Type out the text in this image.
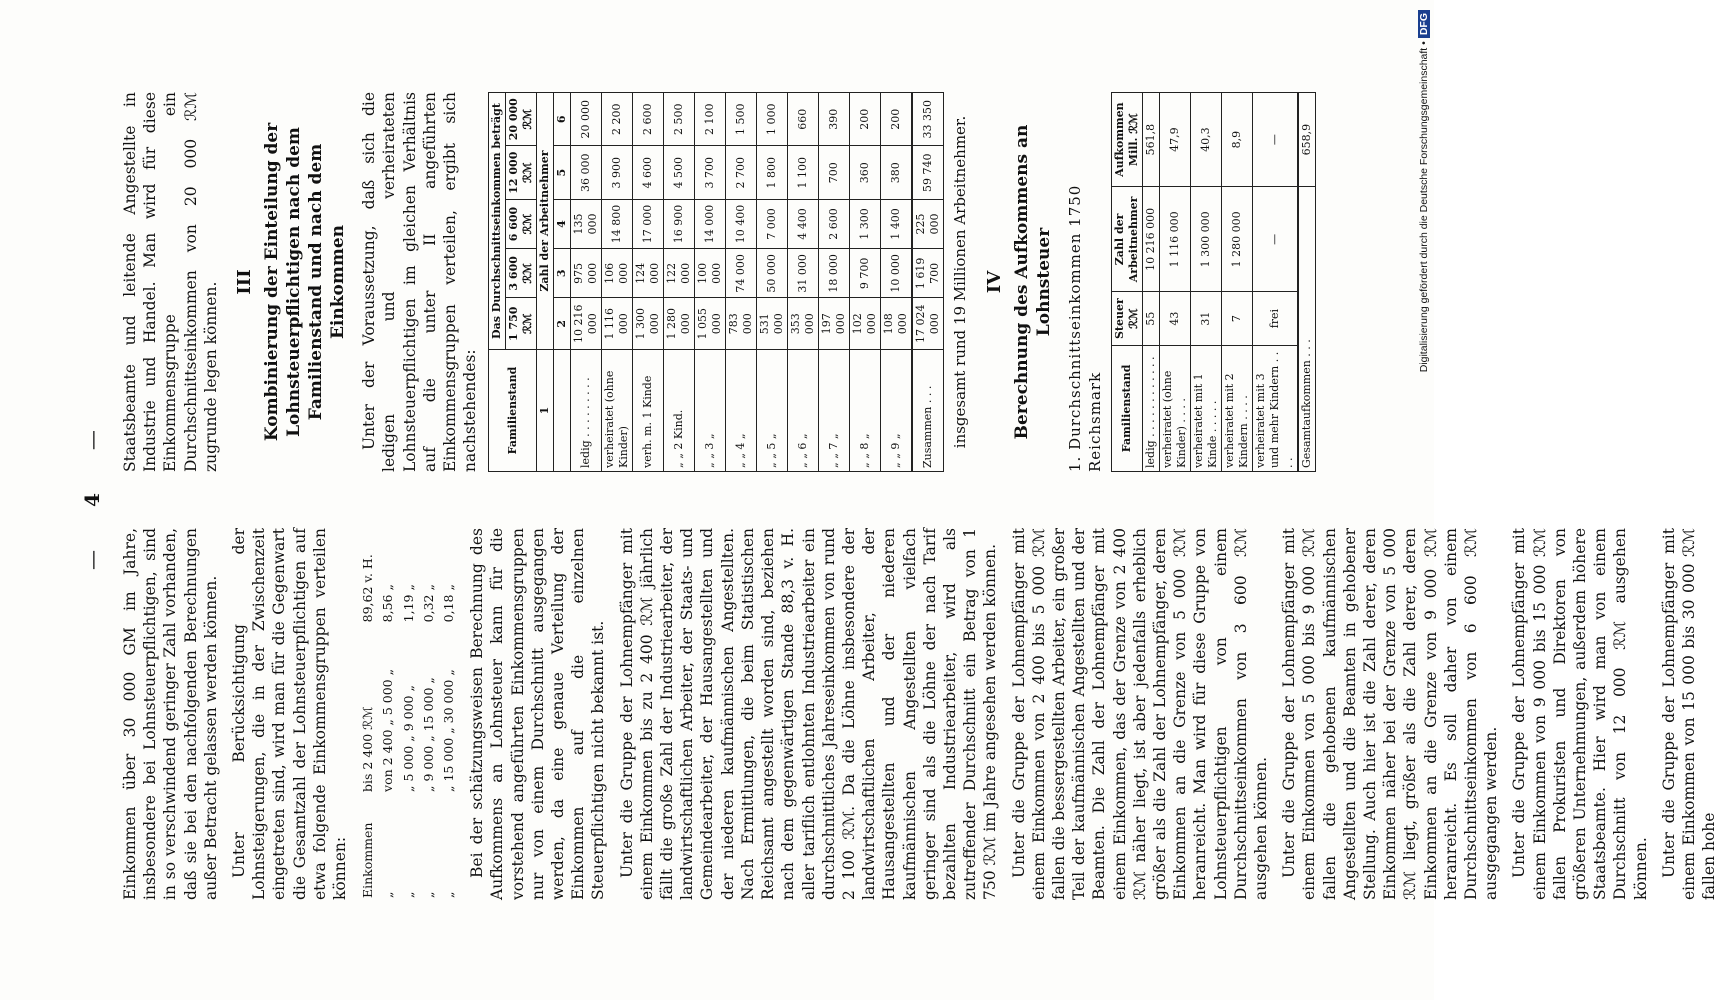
— 4 —

Einkommen über 30 000 GM im Jahre, insbesondere bei Lohnsteuerpflichtigen, sind in so verschwindend geringer Zahl vorhanden, daß sie bei den nachfolgenden Berechnungen außer Betracht gelassen werden können. Unter Berücksichtigung der Lohnsteigerungen, die in der Zwischenzeit eingetreten sind, wird man für die Gegenwart die Gesamtzahl der Lohnsteuerpflichtigen auf etwa folgende Einkommensgruppen verteilen können: Einkommen	bis 2 400 ℛℳ	89,62 v. H.
„	von 2 400 „ 5 000 „	8,56 „
„	„ 5 000 „ 9 000 „	1,19 „
„	„ 9 000 „ 15 000 „	0,32 „
„	„ 15 000 „ 30 000 „	0,18 „ Bei der schätzungsweisen Berechnung des Aufkommens an Lohnsteuer kann für die vorstehend angeführten Einkommensgruppen nur von einem Durchschnitt ausgegangen werden, da eine genaue Verteilung der Einkommen auf die einzelnen Steuerpflichtigen nicht bekannt ist. Unter die Gruppe der Lohnempfänger mit einem Einkommen bis zu 2 400 ℛℳ jährlich fällt die große Zahl der Industriearbeiter, der landwirtschaftlichen Arbeiter, der Staats- und Gemeindearbeiter, der Hausangestellten und der niederen kaufmännischen Angestellten. Nach Ermittlungen, die beim Statistischen Reichsamt angestellt worden sind, beziehen nach dem gegenwärtigen Stande 88,3 v. H. aller tariflich entlohnten Industriearbeiter ein durchschnittliches Jahreseinkommen von rund 2 100 ℛℳ. Da die Löhne insbesondere der landwirtschaftlichen Arbeiter, der Hausangestellten und der niederen kaufmännischen Angestellten vielfach geringer sind als die Löhne der nach Tarif bezahlten Industriearbeiter, wird als zutreffender Durchschnitt ein Betrag von 1 750 ℛℳ im Jahre angesehen werden können. Unter die Gruppe der Lohnempfänger mit einem Einkommen von 2 400 bis 5 000 ℛℳ fallen die bessergestellten Arbeiter, ein großer Teil der kaufmännischen Angestellten und der Beamten. Die Zahl der Lohnempfänger mit einem Einkommen, das der Grenze von 2 400 ℛℳ näher liegt, ist aber jedenfalls erheblich größer als die Zahl der Lohnempfänger, deren Einkommen an die Grenze von 5 000 ℛℳ heranreicht. Man wird für diese Gruppe von Lohnsteuerpflichtigen von einem Durchschnittseinkommen von 3 600 ℛℳ ausgehen können. Unter die Gruppe der Lohnempfänger mit einem Einkommen von 5 000 bis 9 000 ℛℳ fallen die gehobenen kaufmännischen Angestellten und die Beamten in gehobener Stellung. Auch hier ist die Zahl derer, deren Einkommen näher bei der Grenze von 5 000 ℛℳ liegt, größer als die Zahl derer, deren Einkommen an die Grenze von 9 000 ℛℳ heranreicht. Es soll daher von einem Durchschnittseinkommen von 6 600 ℛℳ ausgegangen werden. Unter die Gruppe der Lohnempfänger mit einem Einkommen von 9 000 bis 15 000 ℛℳ fallen Prokuristen und Direktoren von größeren Unternehmungen, außerdem höhere Staatsbeamte. Hier wird man von einem Durchschnitt von 12 000 ℛℳ ausgehen können. Unter die Gruppe der Lohnempfänger mit einem Einkommen von 15 000 bis 30 000 ℛℳ fallen hohe

Staatsbeamte und leitende Angestellte in Industrie und Handel. Man wird für diese Einkommensgruppe ein Durchschnittseinkommen von 20 000 ℛℳ zugrunde legen können. III Kombinierung der Einteilung der Lohnsteuerpflichtigen nach dem Familienstand und nach dem Einkommen Unter der Voraussetzung, daß sich die ledigen und verheirateten Lohnsteuerpflichtigen im gleichen Verhältnis auf die unter II angeführten Einkommensgruppen verteilen, ergibt sich nachstehendes: Familienstand	Das Durchschnittseinkommen beträgt				
	1 750 ℛℳ	3 600 ℛℳ	6 600 ℛℳ	12 000 ℛℳ	20 000 ℛℳ
1	Zahl der Arbeitnehmer				
	2	3	4	5	6
ledig . . . . . . . . .	10 216 000	975 000	135 000	36 000	20 000
verheiratet (ohne Kinder)	1 116 000	106 000	14 800	3 900	2 200
verh. m. 1 Kinde	1 300 000	124 000	17 000	4 600	2 600
„ „ 2 Kind.	1 280 000	122 000	16 900	4 500	2 500
„ „ 3 „	1 055 000	100 000	14 000	3 700	2 100
„ „ 4 „	783 000	74 000	10 400	2 700	1 500
„ „ 5 „	531 000	50 000	7 000	1 800	1 000
„ „ 6 „	353 000	31 000	4 400	1 100	660
„ „ 7 „	197 000	18 000	2 600	700	390
„ „ 8 „	102 000	9 700	1 300	360	200
„ „ 9 „	108 000	10 000	1 400	380	200
Zusammen . . .	17 024 000	1 619 700	225 000	59 740	33 350 insgesamt rund 19 Millionen Arbeitnehmer. IV Berechnung des Aufkommens an Lohnsteuer 1. Durchschnittseinkommen 1750 Reichsmark Familienstand	Steuer ℛℳ	Zahl der Arbeitnehmer	Aufkommen Mill. ℛℳ
ledig . . . . . . . . . . . .	55	10 216 000	561,8
verheiratet (ohne Kinder) . . . .	43	1 116 000	47,9
verheiratet mit 1 Kinde . . . . .	31	1 300 000	40,3
verheiratet mit 2 Kindern . . . .	7	1 280 000	8,9
verheiratet mit 3 und mehr Kindern . . . .	frei	—	—
Gesamtaufkommen . . .			658,9	Digitalisierung gefördert durch die Deutsche Forschungsgemeinschaft •DFG
